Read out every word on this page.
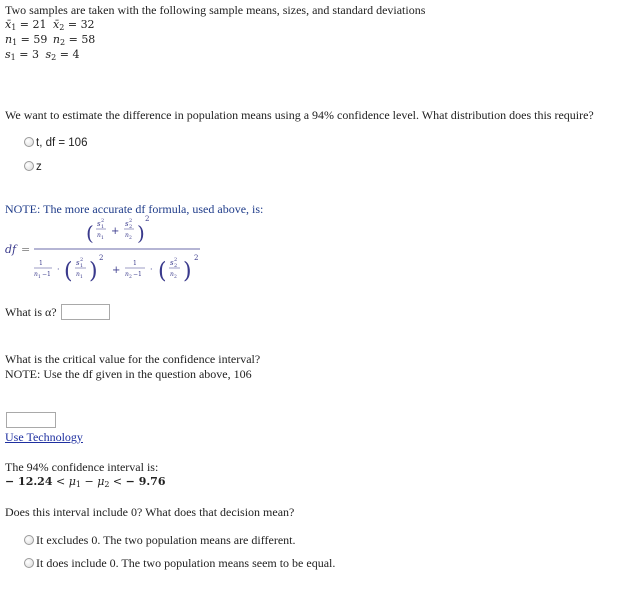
Two samples are taken with the following sample means, sizes, and standard deviations
$x̄_1 = 21$ $x̄_2 = 32$
$n_1 = 59$ $n_2 = 58$
$s_1 = 3$ $s_2 = 4$
We want to estimate the difference in population means using a 94% confidence level. What distribution does this require?
t, df = 106
z
NOTE: The more accurate df formula, used above, is:
df =
( s 2
1
n 1
+
s 2
2
n 2 )
2
1
n 1 −1
· ( s 2
1
n 1 )
2
+
1
n 2 −1
· ( s 2
2
n 2 )
2
What is α?
What is the critical value for the confidence interval?
NOTE: Use the df given in the question above, 106
Use Technology
The 94% confidence interval is:
− $12.24 < \mu_1 - \mu_2$ < − 9.76
Does this interval include 0? What does that decision mean?
It excludes 0. The two population means are different.
It does include 0. The two population means seem to be equal.
